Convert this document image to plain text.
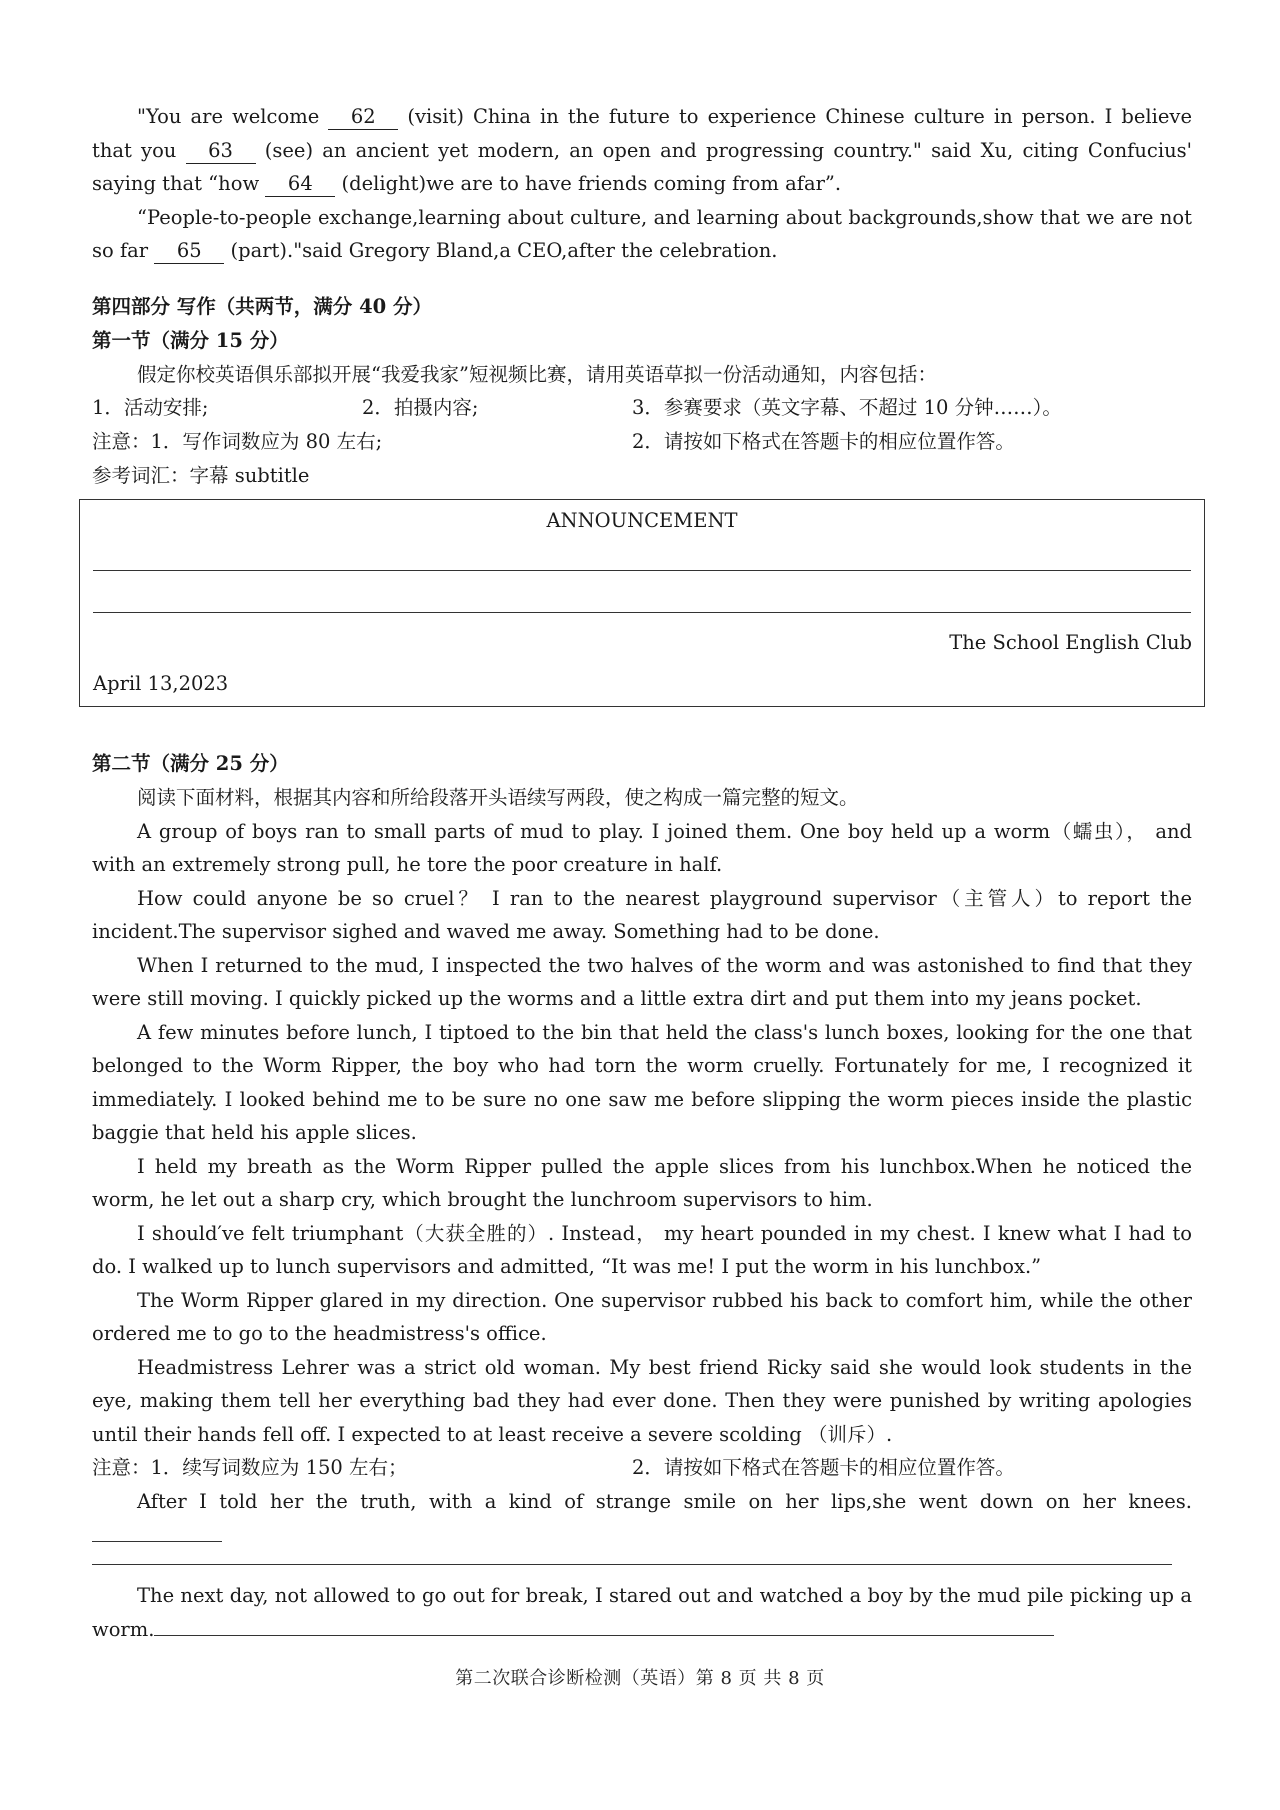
"You are welcome 62 (visit) China in the future to experience Chinese culture in person. I believe that you 63 (see) an ancient yet modern, an open and progressing country." said Xu, citing Confucius' saying that “how 64 (delight)we are to have friends coming from afar”.

“People-to-people exchange,learning about culture, and learning about backgrounds,show that we are not so far 65 (part)."said Gregory Bland,a CEO,after the celebration.

第四部分 写作（共两节，满分 40 分）
第一节（满分 15 分）

假定你校英语俱乐部拟开展“我爱我家”短视频比赛，请用英语草拟一份活动通知，内容包括：

1．活动安排;	2．拍摄内容;	3．参赛要求（英文字幕、不超过 10 分钟……）。
注意：1．写作词数应为 80 左右;	2．请按如下格式在答题卡的相应位置作答。
参考词汇：字幕 subtitle
ANNOUNCEMENT
The School English Club
April 13,2023
第二节（满分 25 分）

阅读下面材料，根据其内容和所给段落开头语续写两段，使之构成一篇完整的短文。

A group of boys ran to small parts of mud to play. I joined them. One boy held up a worm（蠕虫）， and with an extremely strong pull, he tore the poor creature in half.

How could anyone be so cruel？ I ran to the nearest playground supervisor（主管人）to report the incident.The supervisor sighed and waved me away. Something had to be done.

When I returned to the mud, I inspected the two halves of the worm and was astonished to find that they were still moving. I quickly picked up the worms and a little extra dirt and put them into my jeans pocket.

A few minutes before lunch, I tiptoed to the bin that held the class's lunch boxes, looking for the one that belonged to the Worm Ripper, the boy who had torn the worm cruelly. Fortunately for me, I recognized it immediately. I looked behind me to be sure no one saw me before slipping the worm pieces inside the plastic baggie that held his apple slices.

I held my breath as the Worm Ripper pulled the apple slices from his lunchbox.When he noticed the worm, he let out a sharp cry, which brought the lunchroom supervisors to him.

I should′ve felt triumphant（大获全胜的）. Instead， my heart pounded in my chest. I knew what I had to do. I walked up to lunch supervisors and admitted, “It was me! I put the worm in his lunchbox.”

The Worm Ripper glared in my direction. One supervisor rubbed his back to comfort him, while the other ordered me to go to the headmistress's office.

Headmistress Lehrer was a strict old woman. My best friend Ricky said she would look students in the eye, making them tell her everything bad they had ever done. Then they were punished by writing apologies until their hands fell off. I expected to at least receive a severe scolding （训斥）.

注意：1．续写词数应为 150 左右；	2．请按如下格式在答题卡的相应位置作答。

After I told her the truth, with a kind of strange smile on her lips,she went down on her knees.

The next day, not allowed to go out for break, I stared out and watched a boy by the mud pile picking up a worm.

第二次联合诊断检测（英语）第 8 页 共 8 页
